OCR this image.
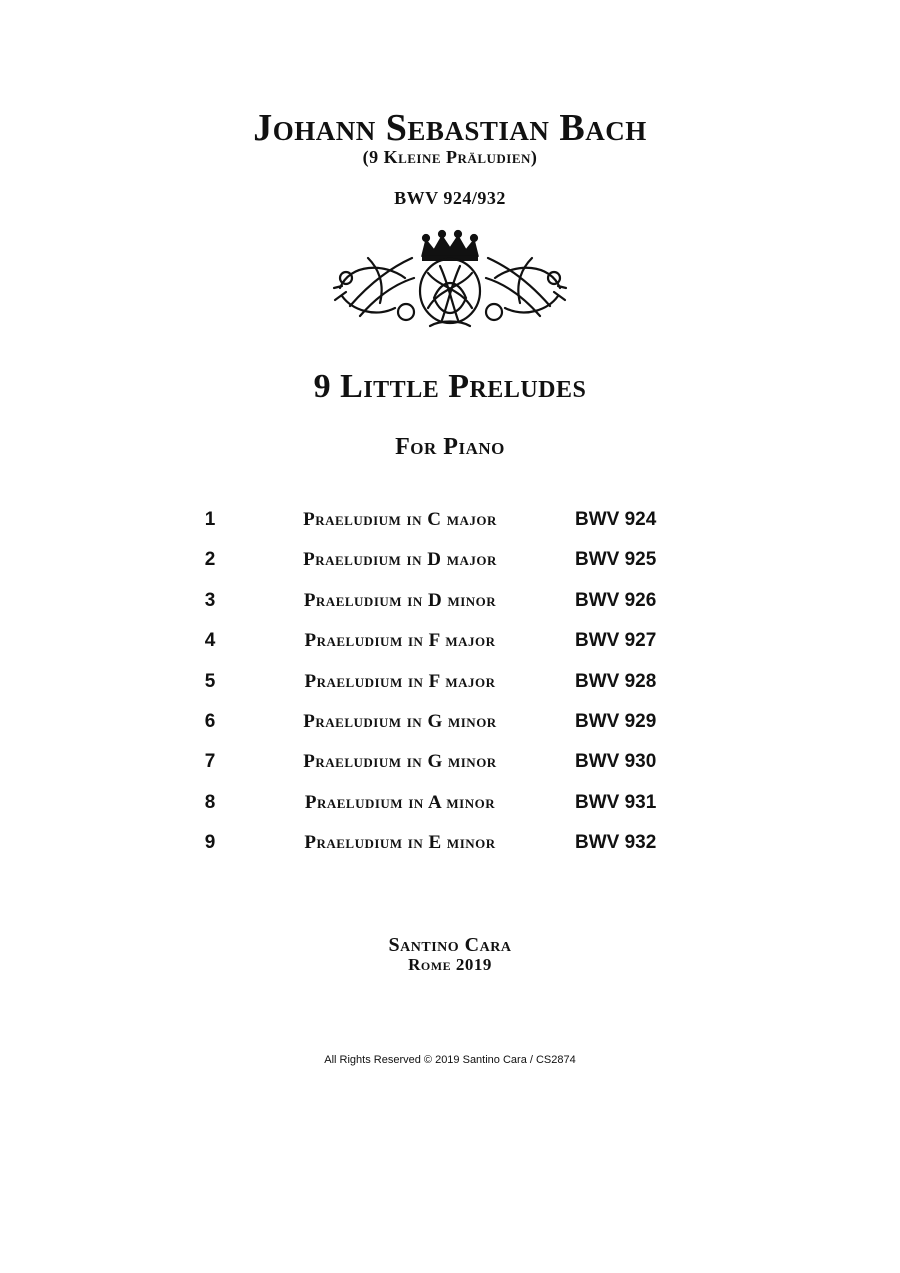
Johann Sebastian Bach
(9 Kleine Präludien)
BWV 924/932
9 Little Preludes
For Piano
1	Praeludium in C major	BWV 924
2	Praeludium in D major	BWV 925
3	Praeludium in D minor	BWV 926
4	Praeludium in F major	BWV 927
5	Praeludium in F major	BWV 928
6	Praeludium in G minor	BWV 929
7	Praeludium in G minor	BWV 930
8	Praeludium in A minor	BWV 931
9	Praeludium in E minor	BWV 932
Santino Cara
Rome 2019
All Rights Reserved © 2019 Santino Cara / CS2874
